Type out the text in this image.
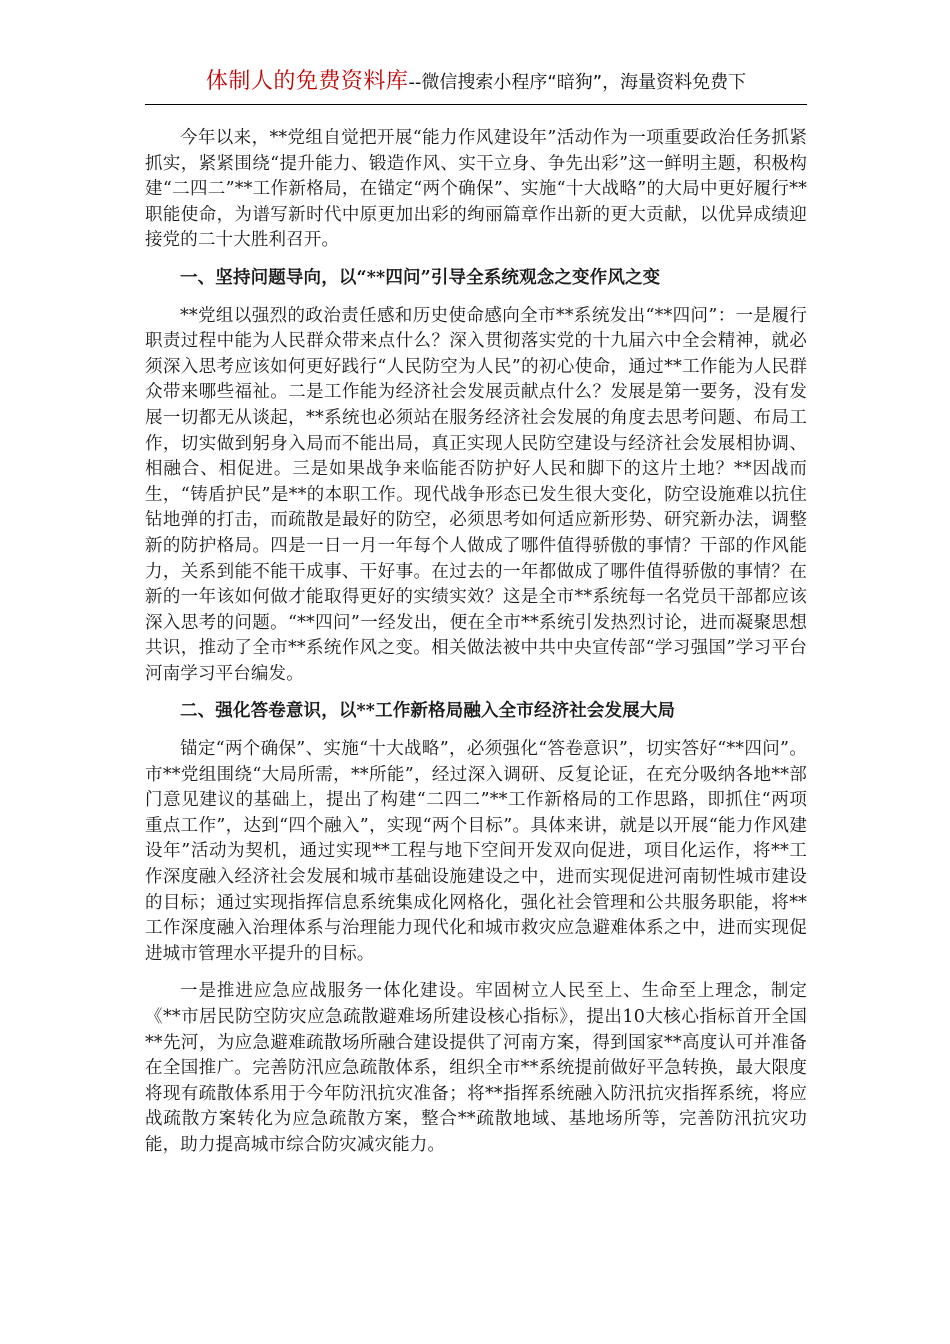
体制人的免费资料库--微信搜索小程序“暗狗”，海量资料免费下

今年以来，**党组自觉把开展“能力作风建设年”活动作为一项重要政治任务抓紧抓实，紧紧围绕“提升能力、锻造作风、实干立身、争先出彩”这一鲜明主题，积极构建“二四二”**工作新格局，在锚定“两个确保”、实施“十大战略”的大局中更好履行**职能使命，为谱写新时代中原更加出彩的绚丽篇章作出新的更大贡献，以优异成绩迎接党的二十大胜利召开。

一、坚持问题导向，以“**四问”引导全系统观念之变作风之变

**党组以强烈的政治责任感和历史使命感向全市**系统发出“**四问”：一是履行职责过程中能为人民群众带来点什么？深入贯彻落实党的十九届六中全会精神，就必须深入思考应该如何更好践行“人民防空为人民”的初心使命，通过**工作能为人民群众带来哪些福祉。二是工作能为经济社会发展贡献点什么？发展是第一要务，没有发展一切都无从谈起，**系统也必须站在服务经济社会发展的角度去思考问题、布局工作，切实做到躬身入局而不能出局，真正实现人民防空建设与经济社会发展相协调、相融合、相促进。三是如果战争来临能否防护好人民和脚下的这片土地？**因战而生，“铸盾护民”是**的本职工作。现代战争形态已发生很大变化，防空设施难以抗住钻地弹的打击，而疏散是最好的防空，必须思考如何适应新形势、研究新办法，调整新的防护格局。四是一日一月一年每个人做成了哪件值得骄傲的事情？干部的作风能力，关系到能不能干成事、干好事。在过去的一年都做成了哪件值得骄傲的事情？在新的一年该如何做才能取得更好的实绩实效？这是全市**系统每一名党员干部都应该深入思考的问题。“**四问”一经发出，便在全市**系统引发热烈讨论，进而凝聚思想共识，推动了全市**系统作风之变。相关做法被中共中央宣传部“学习强国”学习平台河南学习平台编发。

二、强化答卷意识，以**工作新格局融入全市经济社会发展大局

锚定“两个确保”、实施“十大战略”，必须强化“答卷意识”，切实答好“**四问”。市**党组围绕“大局所需，**所能”，经过深入调研、反复论证，在充分吸纳各地**部门意见建议的基础上，提出了构建“二四二”**工作新格局的工作思路，即抓住“两项重点工作”，达到“四个融入”，实现“两个目标”。具体来讲，就是以开展“能力作风建设年”活动为契机，通过实现**工程与地下空间开发双向促进，项目化运作，将**工作深度融入经济社会发展和城市基础设施建设之中，进而实现促进河南韧性城市建设的目标；通过实现指挥信息系统集成化网格化，强化社会管理和公共服务职能，将**工作深度融入治理体系与治理能力现代化和城市救灾应急避难体系之中，进而实现促进城市管理水平提升的目标。

一是推进应急应战服务一体化建设。牢固树立人民至上、生命至上理念，制定《**市居民防空防灾应急疏散避难场所建设核心指标》，提出10大核心指标首开全国**先河，为应急避难疏散场所融合建设提供了河南方案，得到国家**高度认可并准备在全国推广。完善防汛应急疏散体系，组织全市**系统提前做好平急转换，最大限度将现有疏散体系用于今年防汛抗灾准备；将**指挥系统融入防汛抗灾指挥系统，将应战疏散方案转化为应急疏散方案，整合**疏散地域、基地场所等，完善防汛抗灾功能，助力提高城市综合防灾减灾能力。
